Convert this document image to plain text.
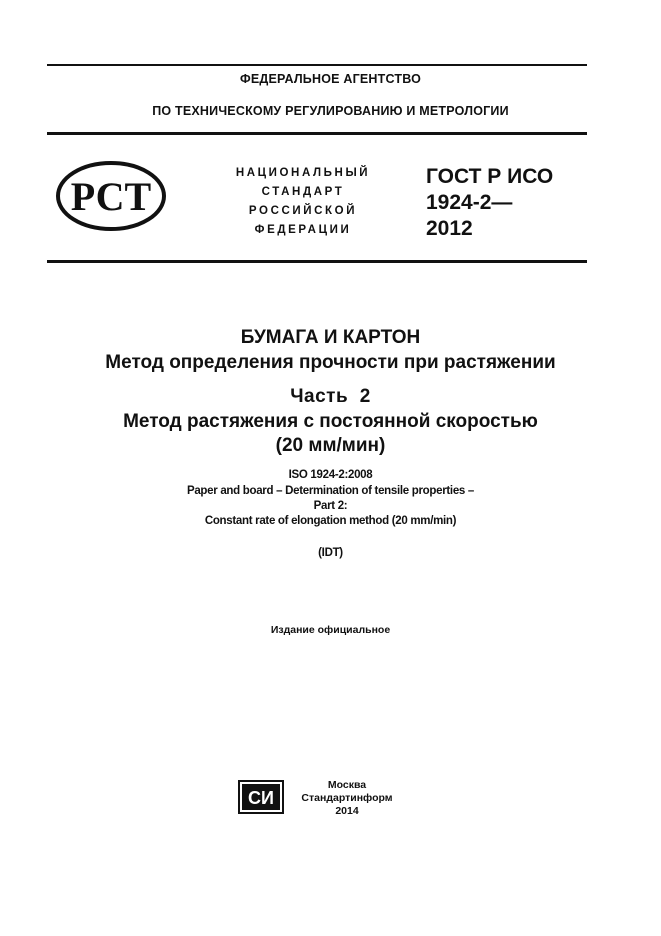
ФЕДЕРАЛЬНОЕ АГЕНТСТВО
ПО ТЕХНИЧЕСКОМУ РЕГУЛИРОВАНИЮ И МЕТРОЛОГИИ
РСТ
НАЦИОНАЛЬНЫЙ
СТАНДАРТ
РОССИЙСКОЙ
ФЕДЕРАЦИИ
ГОСТ Р ИСО
1924-2—
2012
БУМАГА И КАРТОН
Метод определения прочности при растяжении
Часть  2
Метод растяжения с постоянной скоростью
(20 мм/мин)
ISO 1924-2:2008
Paper and board – Determination of tensile properties –
Part 2:
Constant rate of elongation method (20 mm/min)
(IDT)
Издание официальное
СИ
Москва
Стандартинформ
2014
